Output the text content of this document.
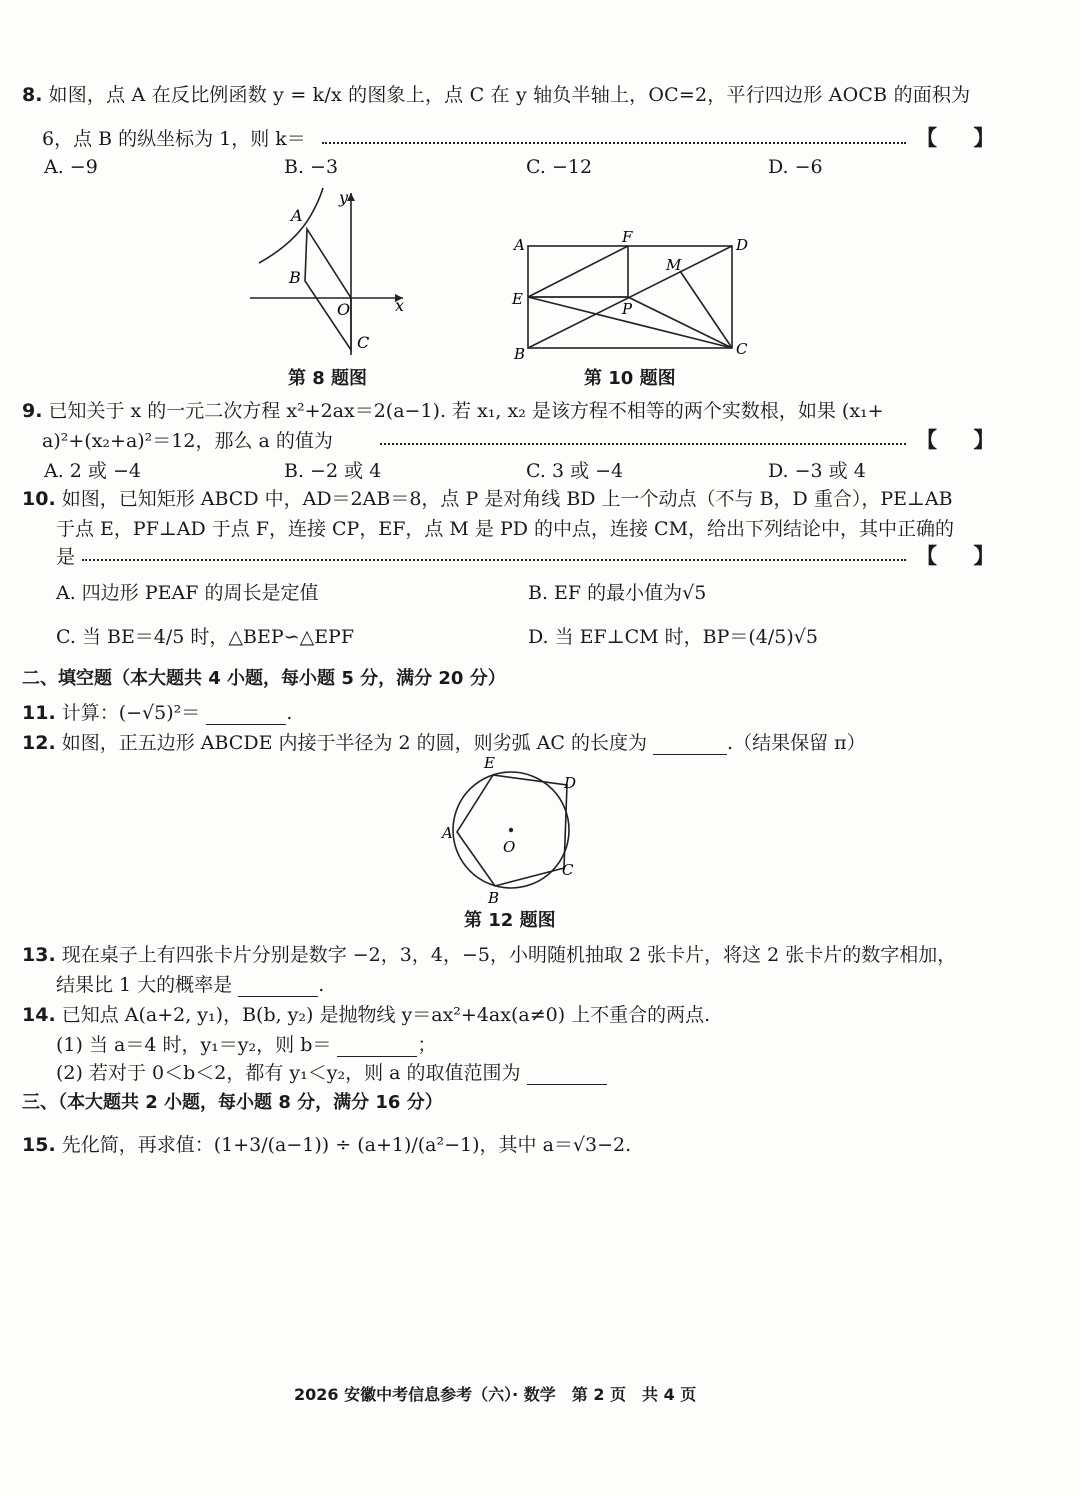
8. 如图，点 A 在反比例函数 y = k/x 的图象上，点 C 在 y 轴负半轴上，OC=2，平行四边形 AOCB 的面积为
6，点 B 的纵坐标为 1，则 k＝	【     】
A. −9	B. −3	C. −12	D. −6
A
B
C
O	x
y
第 8 题图
A
B	C
D
E
F
P
M
第 10 题图
9. 已知关于 x 的一元二次方程 x²+2ax＝2(a−1). 若 x₁, x₂ 是该方程不相等的两个实数根，如果 (x₁+
a)²+(x₂+a)²＝12，那么 a 的值为	【     】
A. 2 或 −4	B. −2 或 4	C. 3 或 −4	D. −3 或 4
10. 如图，已知矩形 ABCD 中，AD＝2AB＝8，点 P 是对角线 BD 上一个动点（不与 B，D 重合），PE⊥AB
于点 E，PF⊥AD 于点 F，连接 CP，EF，点 M 是 PD 的中点，连接 CM，给出下列结论中，其中正确的
是	【     】
A. 四边形 PEAF 的周长是定值	B. EF 的最小值为√5
C. 当 BE＝4/5 时，△BEP∽△EPF	D. 当 EF⊥CM 时，BP＝(4/5)√5
二、填空题（本大题共 4 小题，每小题 5 分，满分 20 分）
11. 计算：(−√5)²＝	.
12. 如图，正五边形 ABCDE 内接于半径为 2 的圆，则劣弧 AC 的长度为	.（结果保留 π）
A
B
C
D
E
O
第 12 题图
13. 现在桌子上有四张卡片分别是数字 −2，3，4，−5，小明随机抽取 2 张卡片，将这 2 张卡片的数字相加，
结果比 1 大的概率是	.
14. 已知点 A(a+2, y₁)，B(b, y₂) 是抛物线 y＝ax²+4ax(a≠0) 上不重合的两点.
(1) 当 a＝4 时，y₁＝y₂，则 b＝	；
(2) 若对于 0＜b＜2，都有 y₁＜y₂，则 a 的取值范围为
三、（本大题共 2 小题，每小题 8 分，满分 16 分）
15. 先化简，再求值：(1+3/(a−1)) ÷ (a+1)/(a²−1)，其中 a＝√3−2.
2026 安徽中考信息参考（六）· 数学　第 2 页　共 4 页
